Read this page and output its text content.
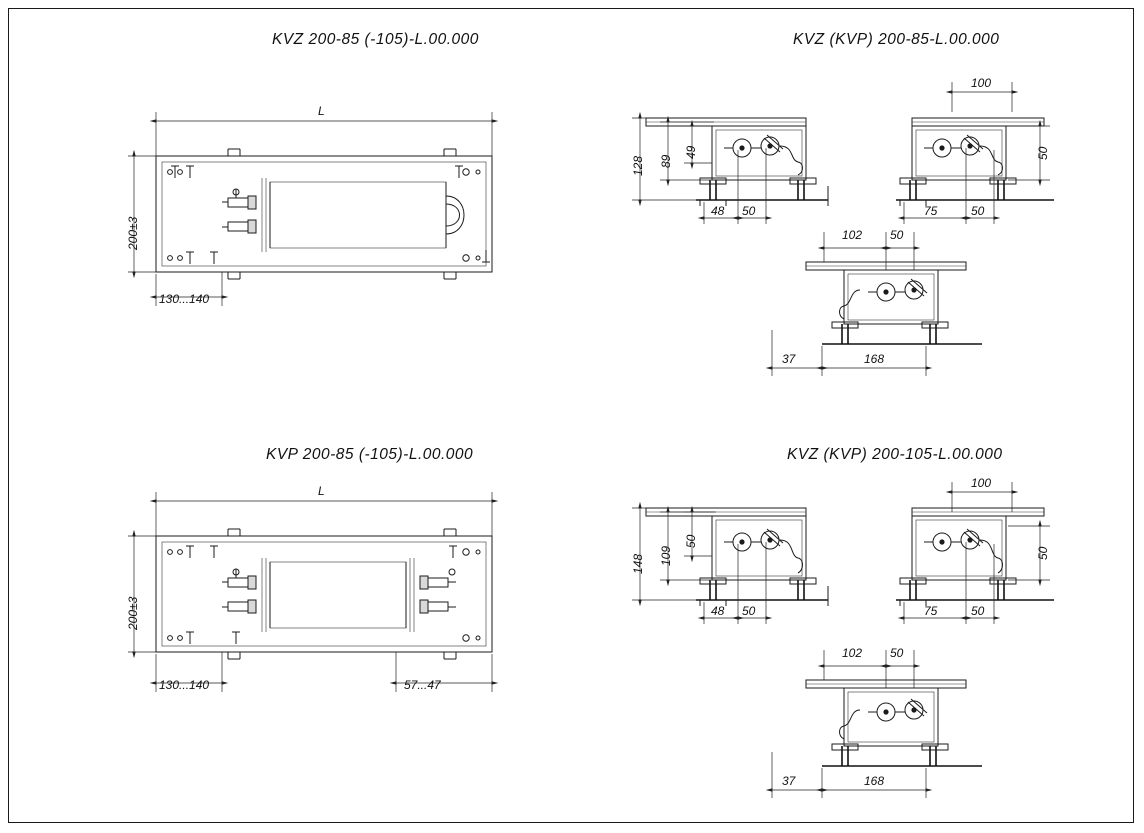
KVZ 200-85 (-105)-L.00.000	KVZ (KVP) 200-85-L.00.000
KVP 200-85 (-105)-L.00.000	KVZ (KVP) 200-105-L.00.000
L
200±3
130...140
128 89
49
48 50
100
50
75	50
102 50
37	168
L
200±3
130...140	57...47
148 109
50
48 50
100
50
75	50
102 50
37	168
